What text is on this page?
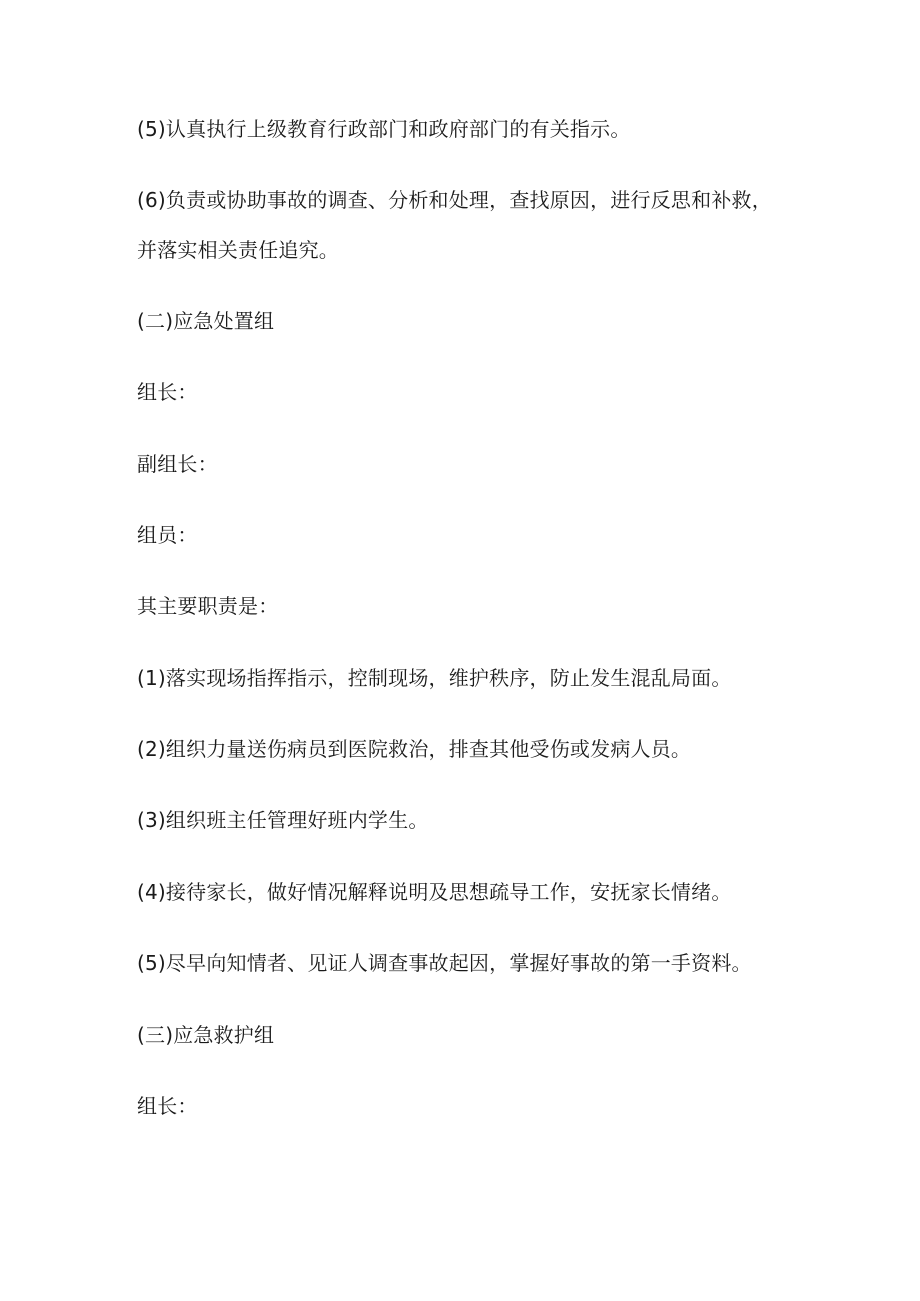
(5)认真执行上级教育行政部门和政府部门的有关指示。

(6)负责或协助事故的调查、分析和处理，查找原因，进行反思和补救，

并落实相关责任追究。

(二)应急处置组

组长：

副组长：

组员：

其主要职责是：

(1)落实现场指挥指示，控制现场，维护秩序，防止发生混乱局面。

(2)组织力量送伤病员到医院救治，排查其他受伤或发病人员。

(3)组织班主任管理好班内学生。

(4)接待家长，做好情况解释说明及思想疏导工作，安抚家长情绪。

(5)尽早向知情者、见证人调查事故起因，掌握好事故的第一手资料。

(三)应急救护组

组长：
